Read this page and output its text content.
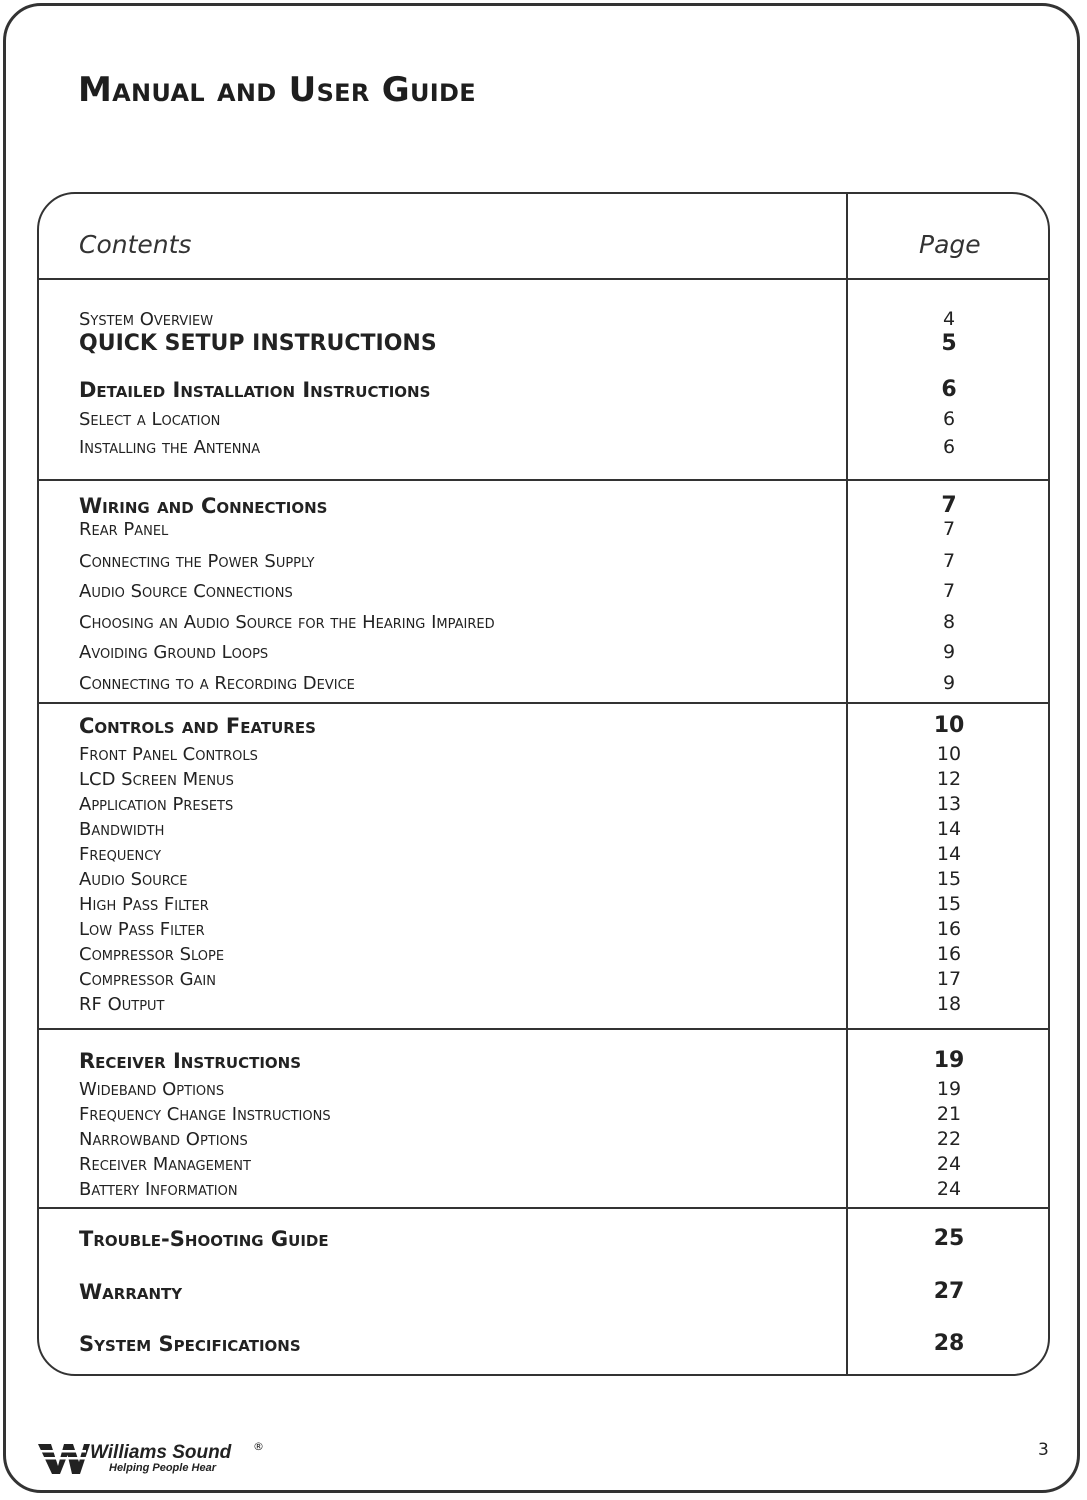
Manual and User Guide
Contents	Page
System Overview	4
QUICK SETUP INSTRUCTIONS	5
Detailed Installation Instructions	6
Select a Location	6
Installing the Antenna	6
Wiring and Connections	7
Rear Panel	7
Connecting the Power Supply	7
Audio Source Connections	7
Choosing an Audio Source for the Hearing Impaired	8
Avoiding Ground Loops	9
Connecting to a Recording Device	9
Controls and Features	10
Front Panel Controls	10
LCD Screen Menus	12
Application Presets	13
Bandwidth	14
Frequency	14
Audio Source	15
High Pass Filter	15
Low Pass Filter	16
Compressor Slope	16
Compressor Gain	17
RF Output	18
Receiver Instructions	19
Wideband Options	19
Frequency Change Instructions	21
Narrowband Options	22
Receiver Management	24
Battery Information	24
Trouble-Shooting Guide	25
Warranty	27
System Specifications	28
Williams Sound ®
Helping People Hear
3
